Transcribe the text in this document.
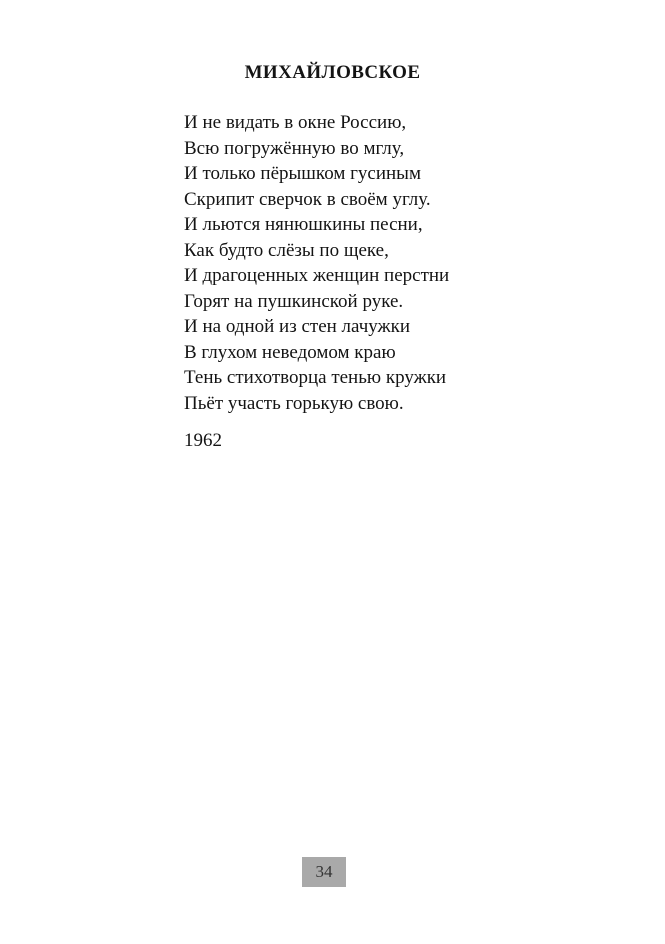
МИХАЙЛОВСКОЕ
И не видать в окне Россию,
Всю погружённую во мглу,
И только пёрышком гусиным
Скрипит сверчок в своём углу.
И льются нянюшкины песни,
Как будто слёзы по щеке,
И драгоценных женщин перстни
Горят на пушкинской руке.
И на одной из стен лачужки
В глухом неведомом краю
Тень стихотворца тенью кружки
Пьёт участь горькую свою.
1962
34
